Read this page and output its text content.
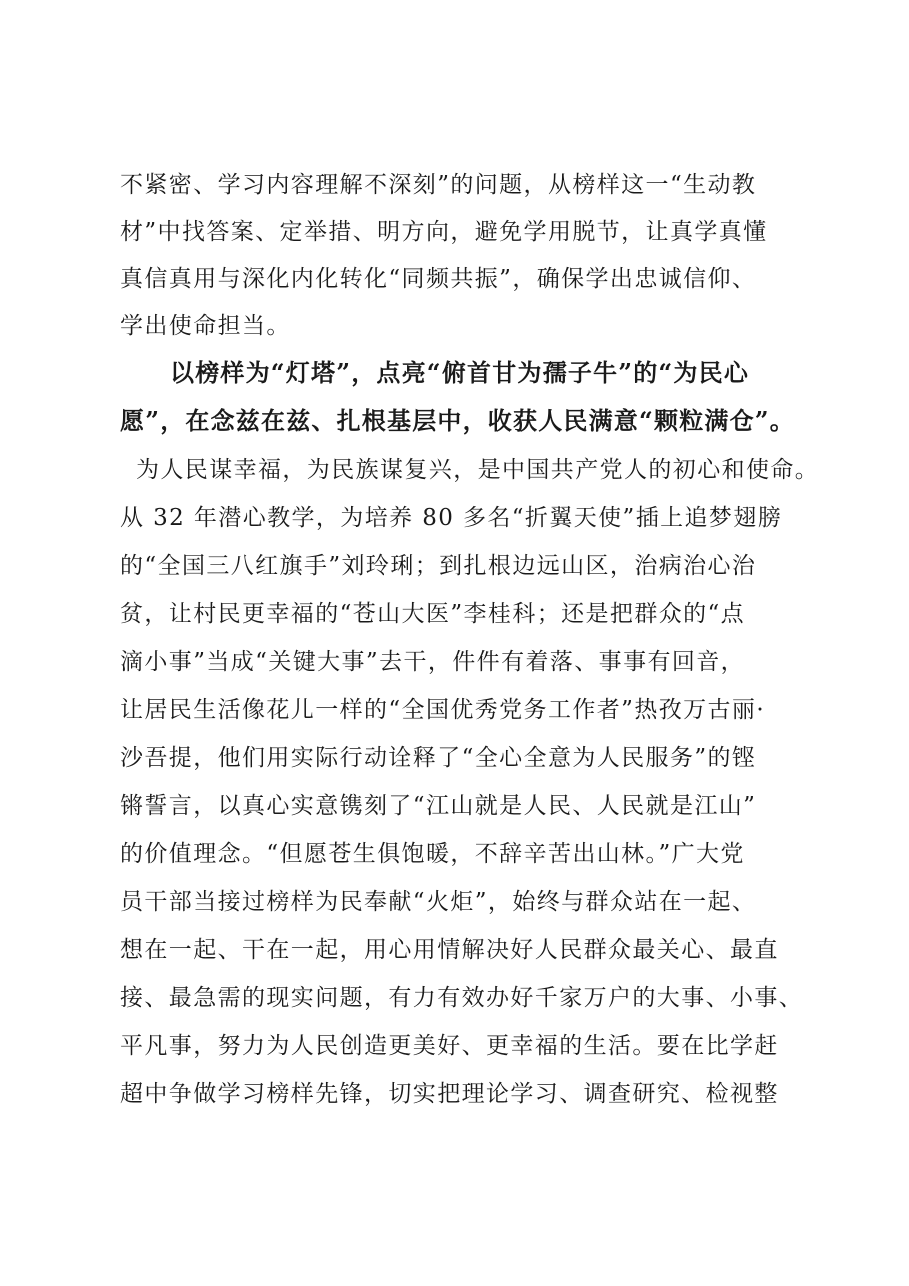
不紧密、学习内容理解不深刻”的问题，从榜样这一“生动教
材”中找答案、定举措、明方向，避免学用脱节，让真学真懂
真信真用与深化内化转化“同频共振”，确保学出忠诚信仰、
学出使命担当。
以榜样为“灯塔”，点亮“俯首甘为孺子牛”的“为民心
愿”，在念兹在兹、扎根基层中，收获人民满意“颗粒满仓”。
为人民谋幸福，为民族谋复兴，是中国共产党人的初心和使命。
从 32 年潜心教学，为培养 80 多名“折翼天使”插上追梦翅膀
的“全国三八红旗手”刘玲琍；到扎根边远山区，治病治心治
贫，让村民更幸福的“苍山大医”李桂科；还是把群众的“点
滴小事”当成“关键大事”去干，件件有着落、事事有回音，
让居民生活像花儿一样的“全国优秀党务工作者”热孜万古丽·
沙吾提，他们用实际行动诠释了“全心全意为人民服务”的铿
锵誓言，以真心实意镌刻了“江山就是人民、人民就是江山”
的价值理念。“但愿苍生俱饱暖，不辞辛苦出山林。”广大党
员干部当接过榜样为民奉献“火炬”，始终与群众站在一起、
想在一起、干在一起，用心用情解决好人民群众最关心、最直
接、最急需的现实问题，有力有效办好千家万户的大事、小事、
平凡事，努力为人民创造更美好、更幸福的生活。要在比学赶
超中争做学习榜样先锋，切实把理论学习、调查研究、检视整
